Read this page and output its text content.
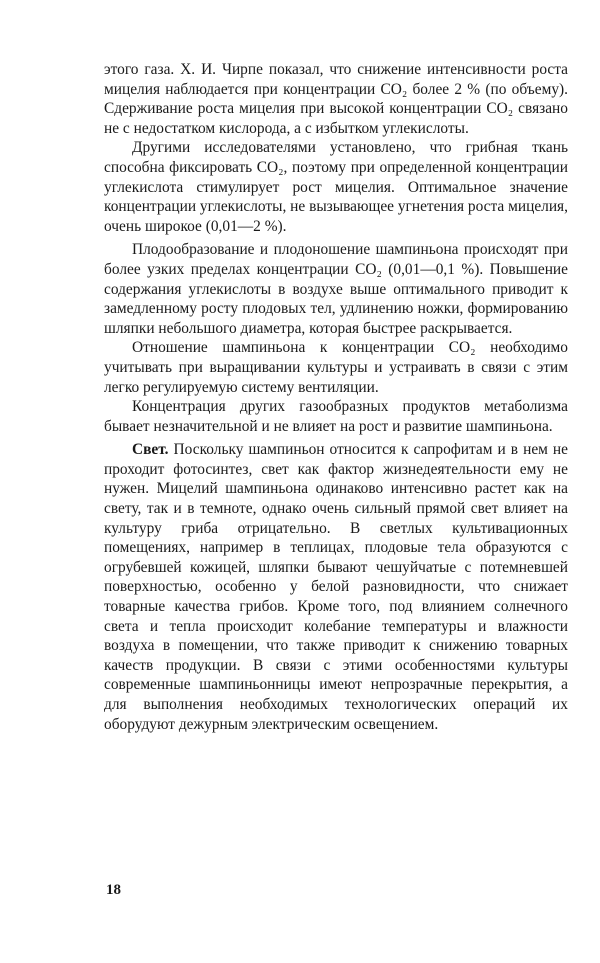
этого газа. Х. И. Чирпе показал, что снижение интенсивности роста мицелия наблюдается при концентрации CO₂ более 2 % (по объему). Сдерживание роста мицелия при высокой концентрации CO₂ связано не с недостатком кислорода, а с избытком углекислоты.

Другими исследователями установлено, что грибная ткань способна фиксировать CO₂, поэтому при определенной концентрации углекислота стимулирует рост мицелия. Оптимальное значение концентрации углекислоты, не вызывающее угнетения роста мицелия, очень широкое (0,01—2 %).

Плодообразование и плодоношение шампиньона происходят при более узких пределах концентрации CO₂ (0,01—0,1 %). Повышение содержания углекислоты в воздухе выше оптимального приводит к замедленному росту плодовых тел, удлинению ножки, формированию шляпки небольшого диаметра, которая быстрее раскрывается.

Отношение шампиньона к концентрации CO₂ необходимо учитывать при выращивании культуры и устраивать в связи с этим легко регулируемую систему вентиляции.

Концентрация других газообразных продуктов метаболизма бывает незначительной и не влияет на рост и развитие шампиньона.

Свет. Поскольку шампиньон относится к сапрофитам и в нем не проходит фотосинтез, свет как фактор жизнедеятельности ему не нужен. Мицелий шампиньона одинаково интенсивно растет как на свету, так и в темноте, однако очень сильный прямой свет влияет на культуру гриба отрицательно. В светлых культивационных помещениях, например в теплицах, плодовые тела образуются с огрубевшей кожицей, шляпки бывают чешуйчатые с потемневшей поверхностью, особенно у белой разновидности, что снижает товарные качества грибов. Кроме того, под влиянием солнечного света и тепла происходит колебание температуры и влажности воздуха в помещении, что также приводит к снижению товарных качеств продукции. В связи с этими особенностями культуры современные шампиньонницы имеют непрозрачные перекрытия, а для выполнения необходимых технологических операций их оборудуют дежурным электрическим освещением.

18
